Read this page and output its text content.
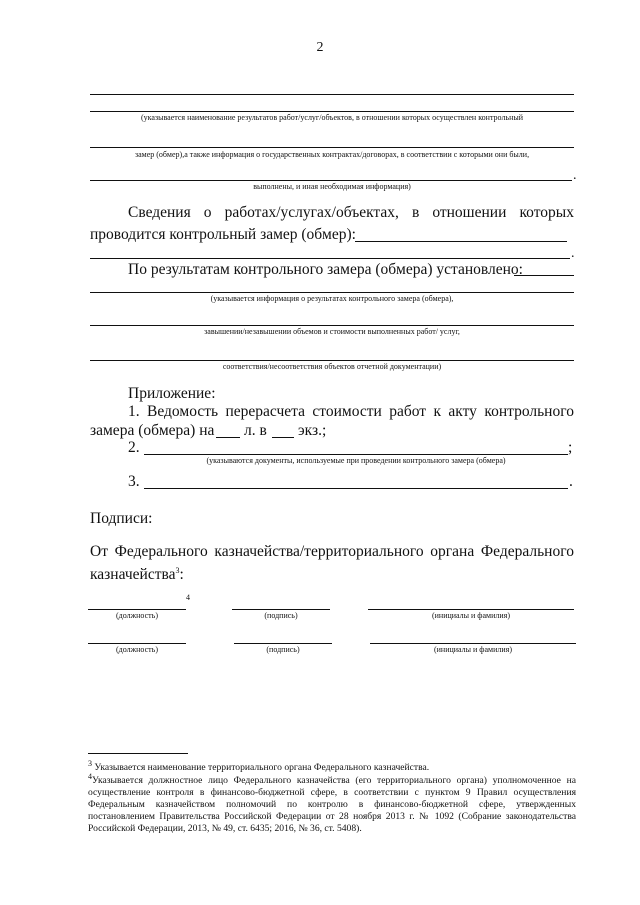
2
(указывается наименование результатов работ/услуг/объектов, в отношении которых осуществлен контрольный
замер (обмер),а также информация о государственных контрактах/договорах, в соответствии с которыми они были,
.
выполнены, и иная необходимая информация)
Сведения о работах/услугах/объектах, в отношении которых
проводится контрольный замер (обмер):
.
По результатам контрольного замера (обмера) установлено:
(указывается информация о результатах контрольного замера (обмера),
завышении/незавышении объемов и стоимости выполненных работ/ услуг,
соответствия/несоответствия объектов отчетной документации)
Приложение:
1. Ведомость перерасчета стоимости работ к акту контрольного
замера (обмера) на л. в экз.;
2.	;
(указываются документы, используемые при проведении контрольного замера (обмера)
3.	.
Подписи:
От Федерального казначейства/территориального органа Федерального
казначейства$^3$:
4
(должность)	(подпись)	(инициалы и фамилия)
(должность)	(подпись)	(инициалы и фамилия)
$^3$ Указывается наименование территориального органа Федерального казначейства.
$^4$Указывается должностное лицо Федерального казначейства (его территориального органа) уполномоченное на осуществление контроля в финансово-бюджетной сфере, в соответствии с пунктом 9 Правил осуществления Федеральным казначейством полномочий по контролю в финансово-бюджетной сфере, утвержденных постановлением Правительства Российской Федерации от 28 ноября 2013 г. № 1092 (Собрание законодательства Российской Федерации, 2013, № 49, ст. 6435; 2016, № 36, ст. 5408).
